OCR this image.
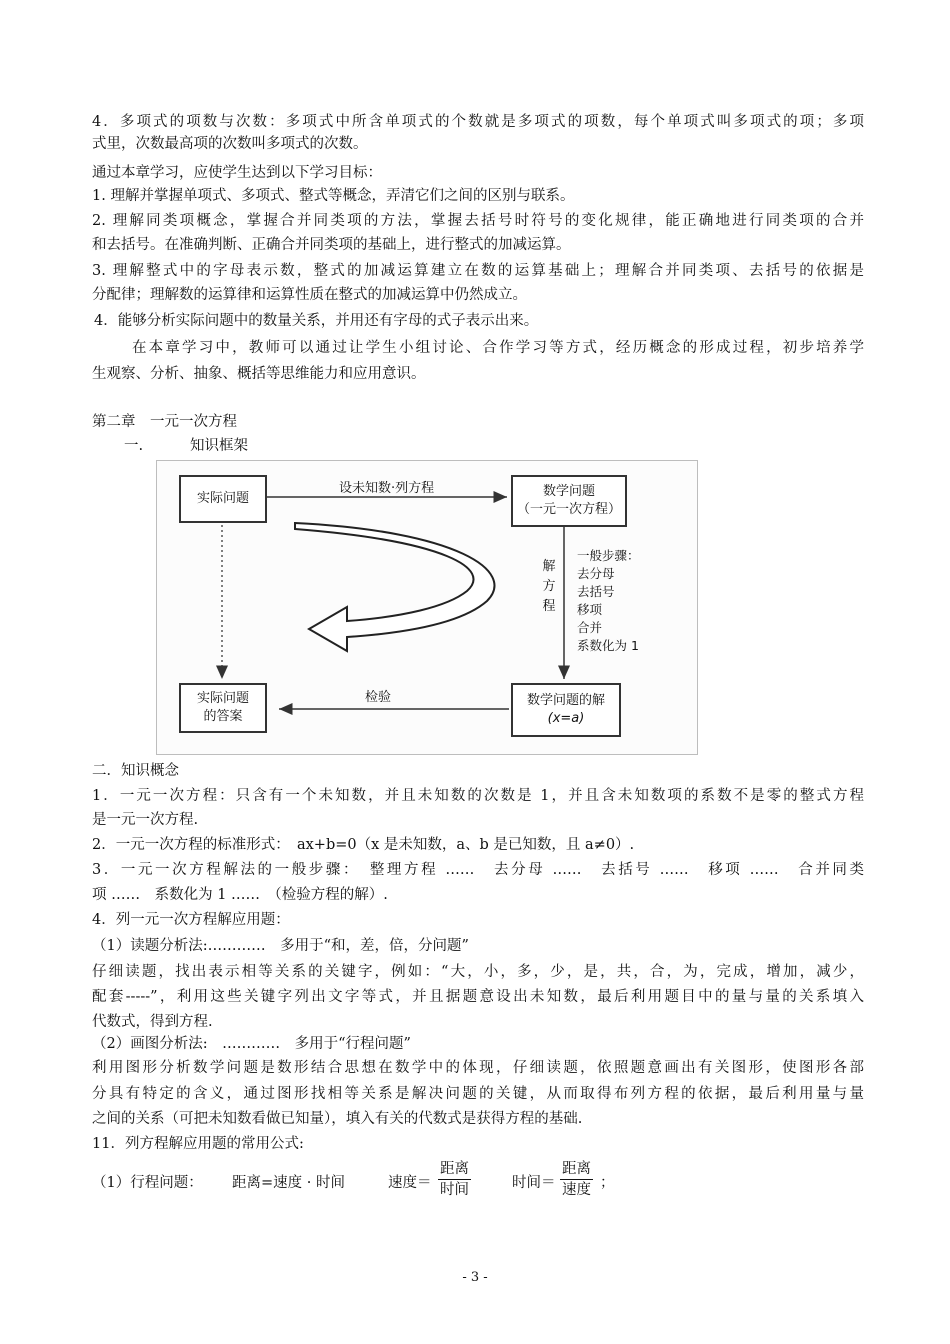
4．多项式的项数与次数：多项式中所含单项式的个数就是多项式的项数，每个单项式叫多项式的项；多项
式里，次数最高项的次数叫多项式的次数。
通过本章学习，应使学生达到以下学习目标：
1. 理解并掌握单项式、多项式、整式等概念，弄清它们之间的区别与联系。
2. 理解同类项概念，掌握合并同类项的方法，掌握去括号时符号的变化规律，能正确地进行同类项的合并
和去括号。在准确判断、正确合并同类项的基础上，进行整式的加减运算。
3. 理解整式中的字母表示数，整式的加减运算建立在数的运算基础上；理解合并同类项、去括号的依据是
分配律；理解数的运算律和运算性质在整式的加减运算中仍然成立。
4．能够分析实际问题中的数量关系，并用还有字母的式子表示出来。
在本章学习中，教师可以通过让学生小组讨论、合作学习等方式，经历概念的形成过程，初步培养学
生观察、分析、抽象、概括等思维能力和应用意识。
第二章　一元一次方程
一.	知识框架
实际问题	数学问题
（一元一次方程）
实际问题
的答案
数学问题的解
(x=a)
设未知数·列方程
检验
解
方
程
一般步骤：
去分母
去括号
移项
合并
系数化为 1
二．知识概念
1．一元一次方程：只含有一个未知数，并且未知数的次数是 1，并且含未知数项的系数不是零的整式方程
是一元一次方程.
2．一元一次方程的标准形式：　ax+b=0（x 是未知数，a、b 是已知数，且 a≠0）.
3．一元一次方程解法的一般步骤：　整理方程 ……　去分母 ……　去括号 ……　移项 ……　合并同类
项 ……　系数化为 1 ……　（检验方程的解）.
4．列一元一次方程解应用题：
（1）读题分析法:…………　多用于“和，差，倍，分问题”
仔细读题，找出表示相等关系的关键字，例如：“大，小，多，少，是，共，合，为，完成，增加，减少，
配套-----”，利用这些关键字列出文字等式，并且据题意设出未知数，最后利用题目中的量与量的关系填入
代数式，得到方程.
（2）画图分析法:　…………　多用于“行程问题”
利用图形分析数学问题是数形结合思想在数学中的体现，仔细读题，依照题意画出有关图形，使图形各部
分具有特定的含义，通过图形找相等关系是解决问题的关键，从而取得布列方程的依据，最后利用量与量
之间的关系（可把未知数看做已知量），填入有关的代数式是获得方程的基础.
11．列方程解应用题的常用公式:
（1）行程问题： 距离=速度 · 时间	速度＝
距离
时间	时间＝
距离
速度 ；
- 3 -
